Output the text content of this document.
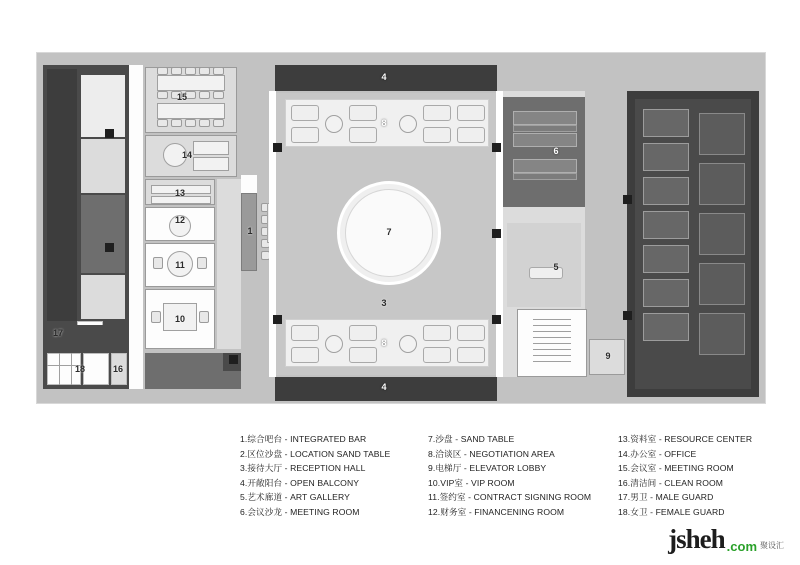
4
8
7
3
8
4
6
5
9
1
10
11
12
13
14
15
16
17
18
1.综合吧台 - INTEGRATED BAR
2.区位沙盘 - LOCATION SAND TABLE
3.接待大厅 - RECEPTION HALL
4.开敞阳台 - OPEN BALCONY
5.艺术廊道 - ART GALLERY
6.会议沙龙 - MEETING ROOM
7.沙盘 - SAND TABLE
8.洽谈区 - NEGOTIATION AREA
9.电梯厅 - ELEVATOR LOBBY
10.VIP室 - VIP ROOM
11.签约室 - CONTRACT SIGNING ROOM
12.财务室 - FINANCENING ROOM
13.资料室 - RESOURCE CENTER
14.办公室 - OFFICE
15.会议室 - MEETING ROOM
16.清洁间 - CLEAN ROOM
17.男卫 - MALE GUARD
18.女卫 - FEMALE GUARD
jsheh .com 聚设汇
